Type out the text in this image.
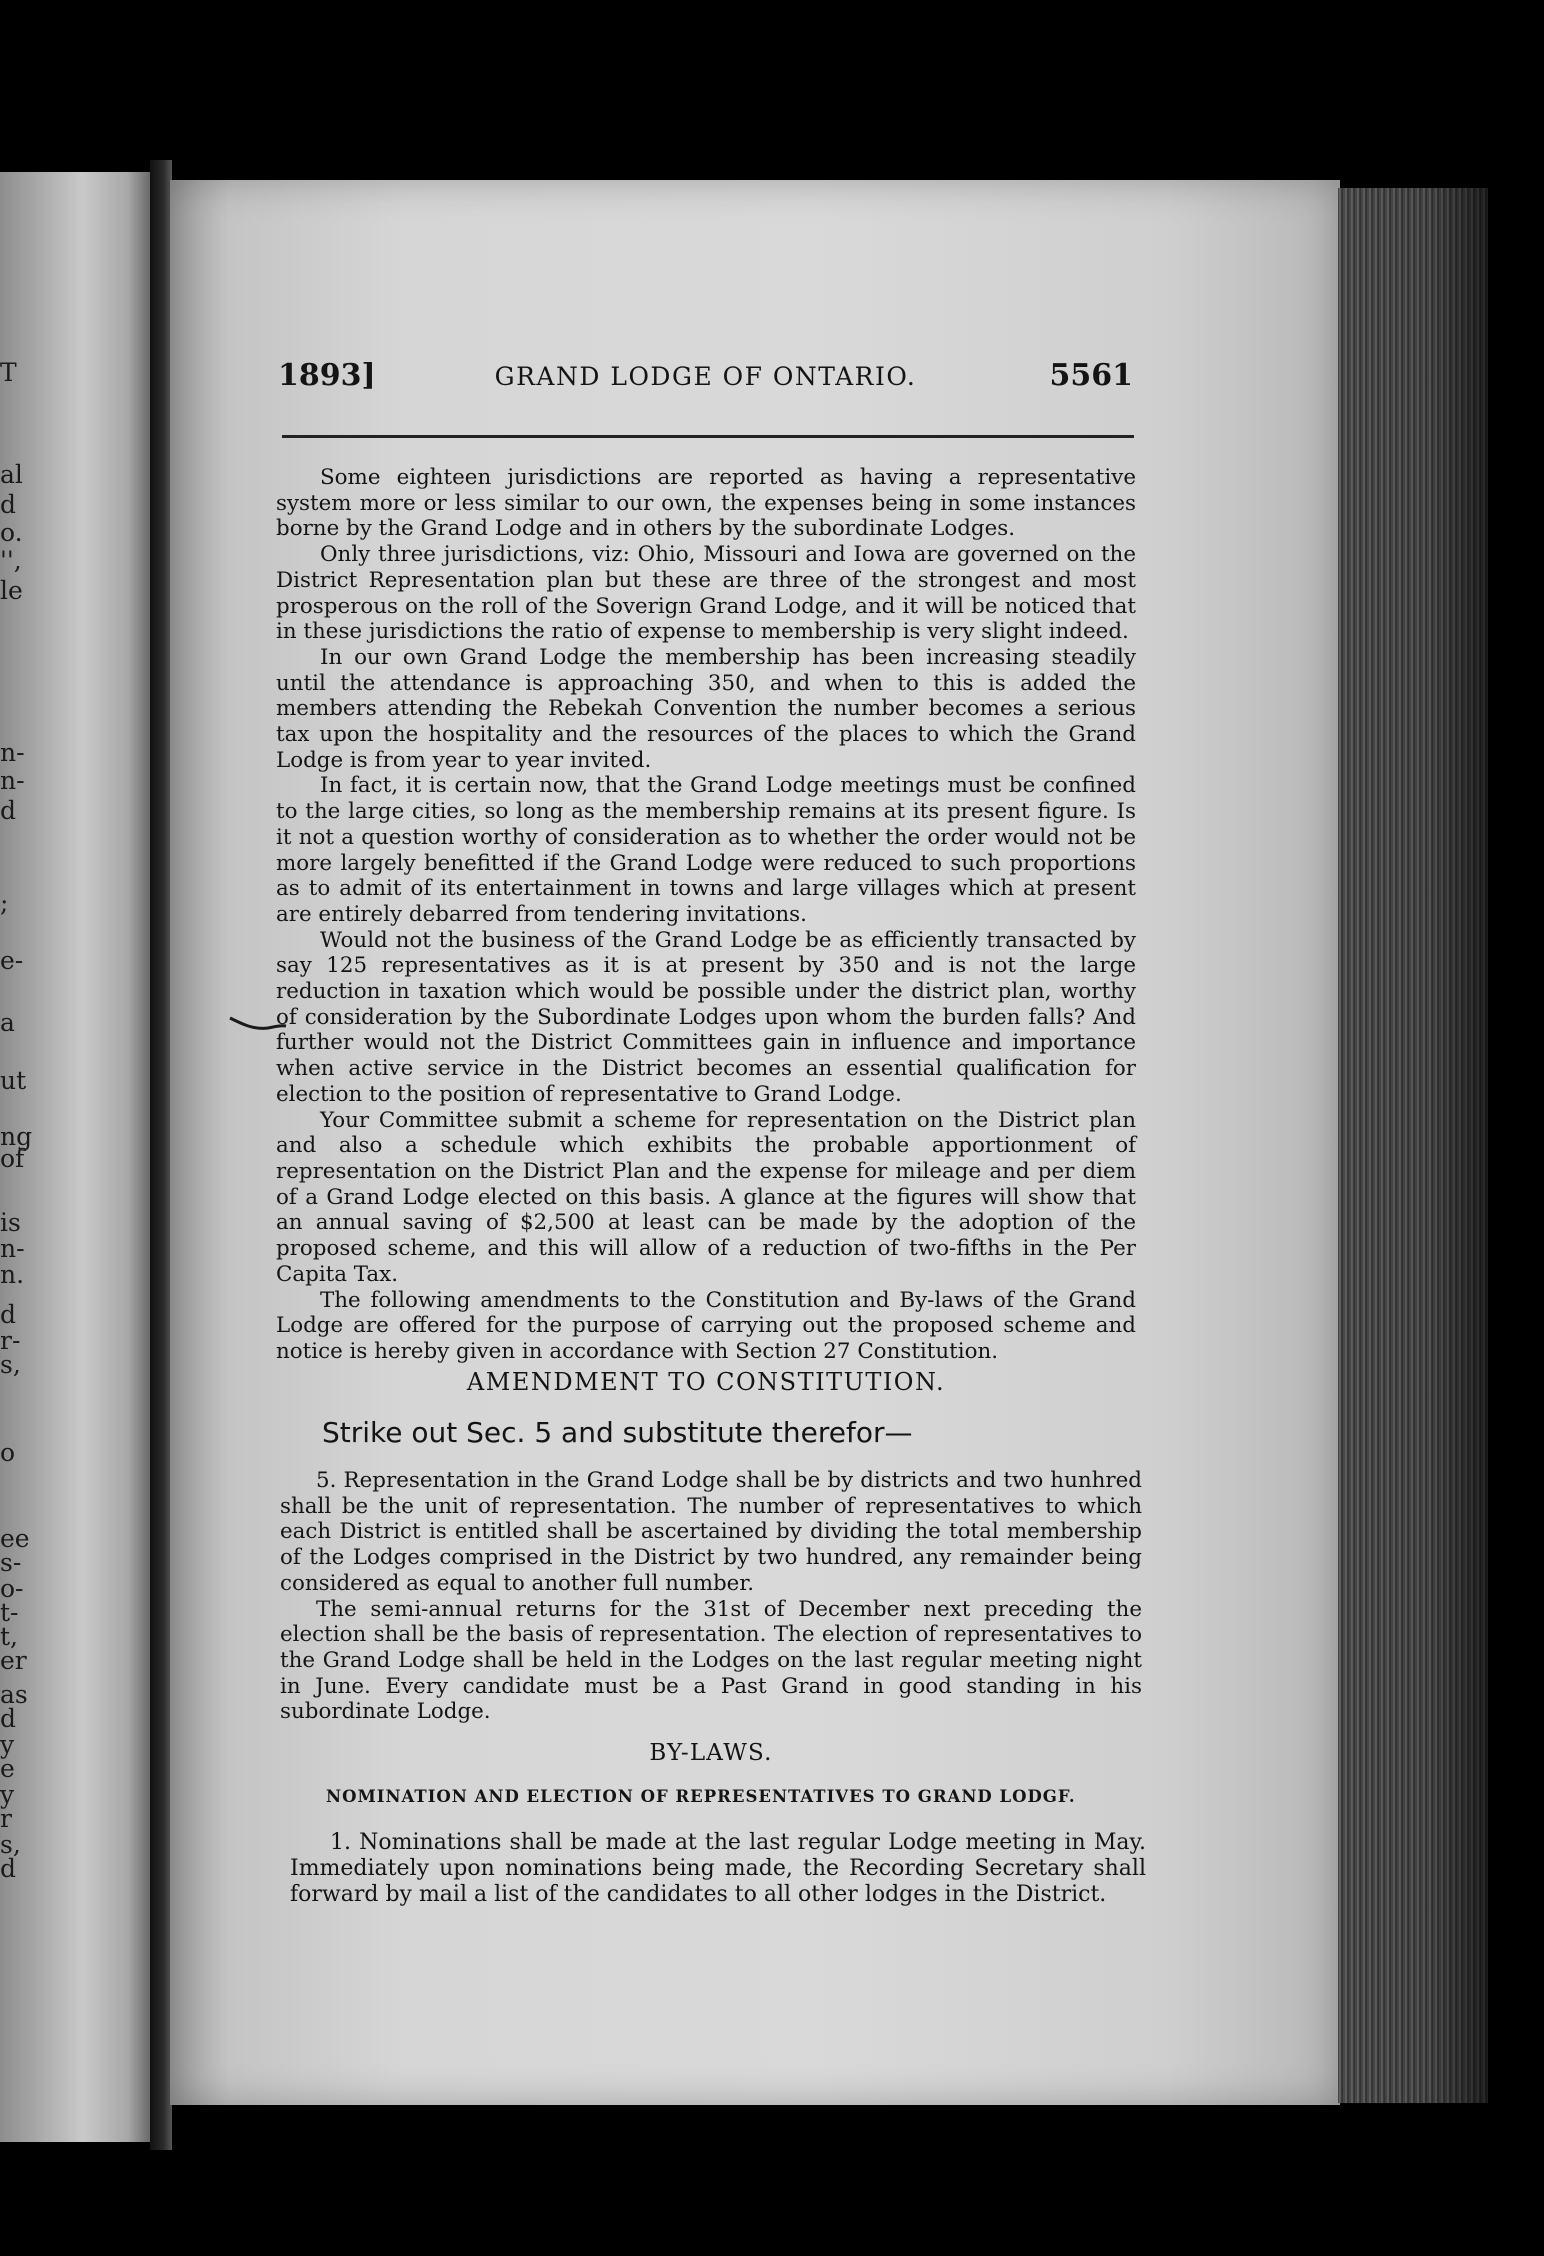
1893]	GRAND LODGE OF ONTARIO.	5561

Some eighteen jurisdictions are reported as having a representative system more or less similar to our own, the expenses being in some instances borne by the Grand Lodge and in others by the subordinate Lodges.

Only three jurisdictions, viz: Ohio, Missouri and Iowa are governed on the District Representation plan but these are three of the strongest and most prosperous on the roll of the Soverign Grand Lodge, and it will be noticed that in these jurisdictions the ratio of expense to membership is very slight indeed.

In our own Grand Lodge the membership has been increasing steadily until the attendance is approaching 350, and when to this is added the members attending the Rebekah Convention the number becomes a serious tax upon the hospitality and the resources of the places to which the Grand Lodge is from year to year invited.

In fact, it is certain now, that the Grand Lodge meetings must be confined to the large cities, so long as the membership remains at its present figure. Is it not a question worthy of consideration as to whether the order would not be more largely benefitted if the Grand Lodge were reduced to such proportions as to admit of its entertainment in towns and large villages which at present are entirely debarred from tendering invitations.

Would not the business of the Grand Lodge be as efficiently transacted by say 125 representatives as it is at present by 350 and is not the large reduction in taxation which would be possible under the district plan, worthy of consideration by the Subordinate Lodges upon whom the burden falls? And further would not the District Committees gain in influence and importance when active service in the District becomes an essential qualification for election to the position of representative to Grand Lodge.

Your Committee submit a scheme for representation on the District plan and also a schedule which exhibits the probable apportionment of representation on the District Plan and the expense for mileage and per diem of a Grand Lodge elected on this basis. A glance at the figures will show that an annual saving of $2,500 at least can be made by the adoption of the proposed scheme, and this will allow of a reduction of two-fifths in the Per Capita Tax.

The following amendments to the Constitution and By-laws of the Grand Lodge are offered for the purpose of carrying out the proposed scheme and notice is hereby given in accordance with Section 27 Constitution.

AMENDMENT TO CONSTITUTION.
Strike out Sec. 5 and substitute therefor—

5. Representation in the Grand Lodge shall be by districts and two hunhred shall be the unit of representation. The number of representatives to which each District is entitled shall be ascertained by dividing the total membership of the Lodges comprised in the District by two hundred, any remainder being considered as equal to another full number.

The semi-annual returns for the 31st of December next preceding the election shall be the basis of representation. The election of representatives to the Grand Lodge shall be held in the Lodges on the last regular meeting night in June. Every candidate must be a Past Grand in good standing in his subordinate Lodge.

BY-LAWS.
NOMINATION AND ELECTION OF REPRESENTATIVES TO GRAND LODGF.

1. Nominations shall be made at the last regular Lodge meeting in May. Immediately upon nominations being made, the Recording Secretary shall forward by mail a list of the candidates to all other lodges in the District.

T
al
d
o.
'',
le
n-
n-
d
;
e-
a
ut
ng
of
is
n-
n.
d
r-
s,
o
ee
s-
o-
t-
t,
er
as
d
y
e
y
r
s,
d
